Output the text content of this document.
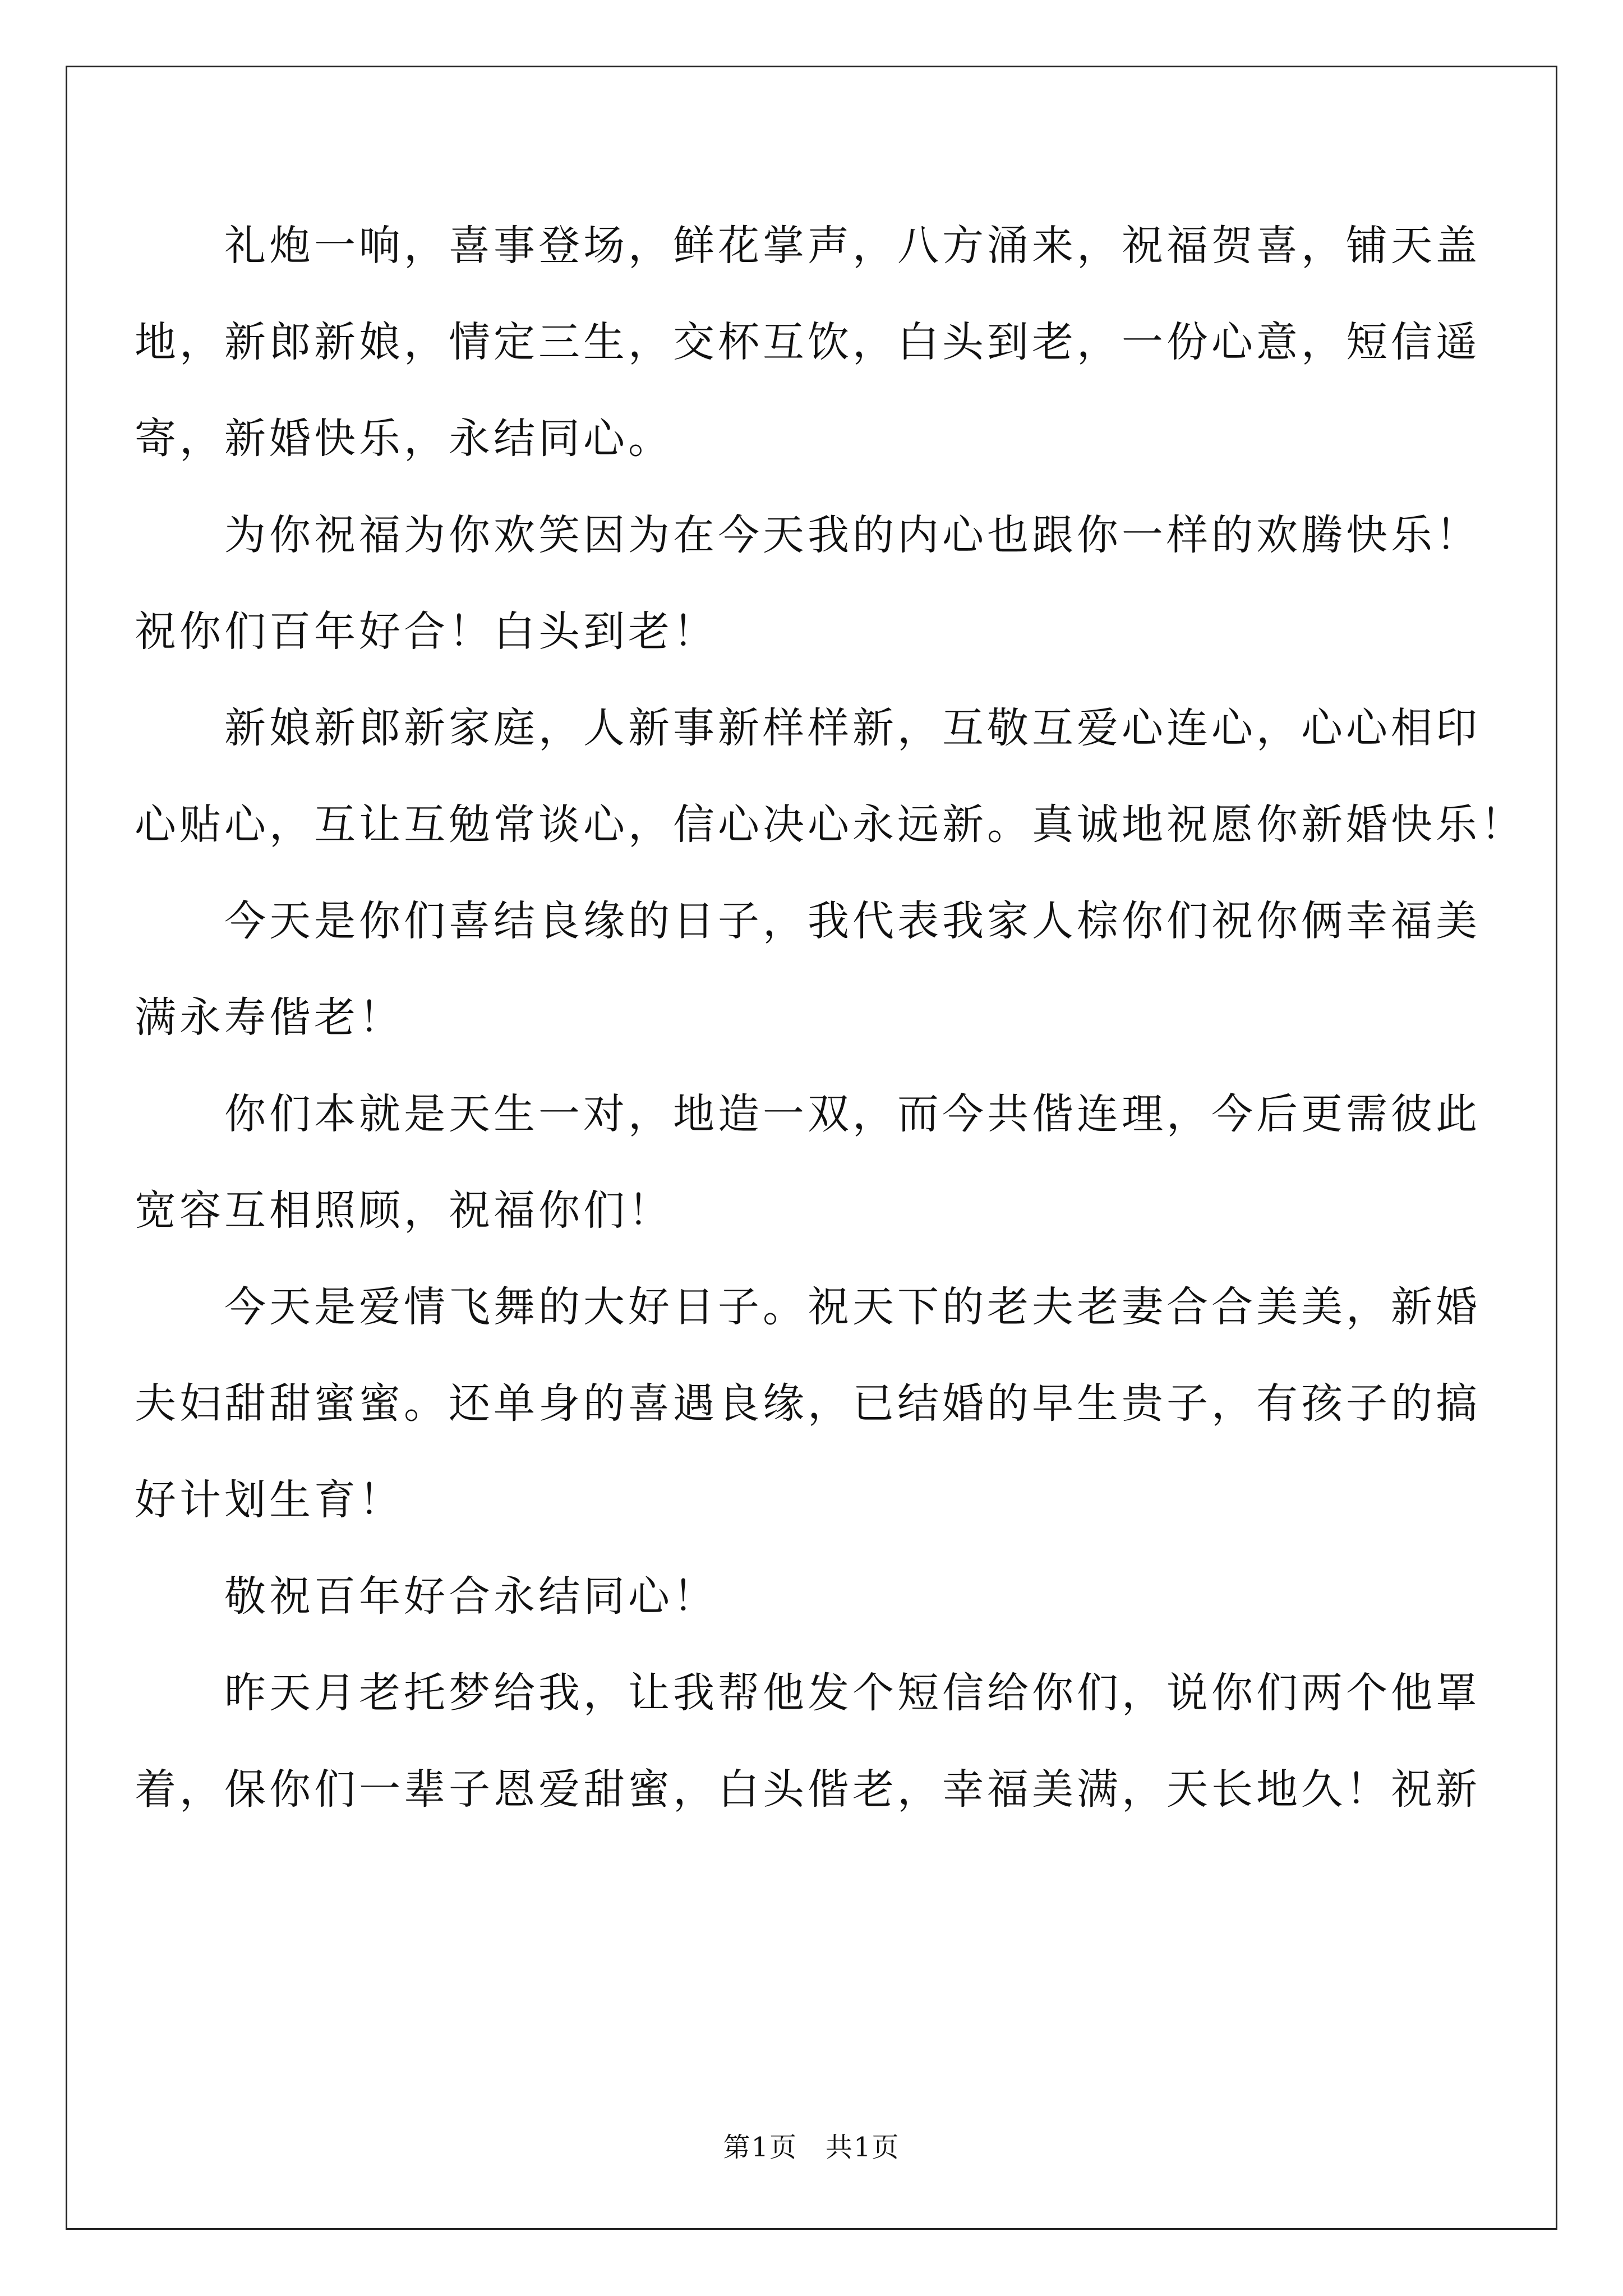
　　礼炮一响，喜事登场，鲜花掌声，八方涌来，祝福贺喜，铺天盖
地，新郎新娘，情定三生，交杯互饮，白头到老，一份心意，短信遥
寄，新婚快乐，永结同心。
　　为你祝福为你欢笑因为在今天我的内心也跟你一样的欢腾快乐！
祝你们百年好合！白头到老！
　　新娘新郎新家庭，人新事新样样新，互敬互爱心连心，心心相印
心贴心，互让互勉常谈心，信心决心永远新。真诚地祝愿你新婚快乐！
　　今天是你们喜结良缘的日子，我代表我家人棕你们祝你俩幸福美
满永寿偕老！
　　你们本就是天生一对，地造一双，而今共偕连理，今后更需彼此
宽容互相照顾，祝福你们！
　　今天是爱情飞舞的大好日子。祝天下的老夫老妻合合美美，新婚
夫妇甜甜蜜蜜。还单身的喜遇良缘，已结婚的早生贵子，有孩子的搞
好计划生育！
　　敬祝百年好合永结同心！
　　昨天月老托梦给我，让我帮他发个短信给你们，说你们两个他罩
着，保你们一辈子恩爱甜蜜，白头偕老，幸福美满，天长地久！祝新
第1页　共1页
